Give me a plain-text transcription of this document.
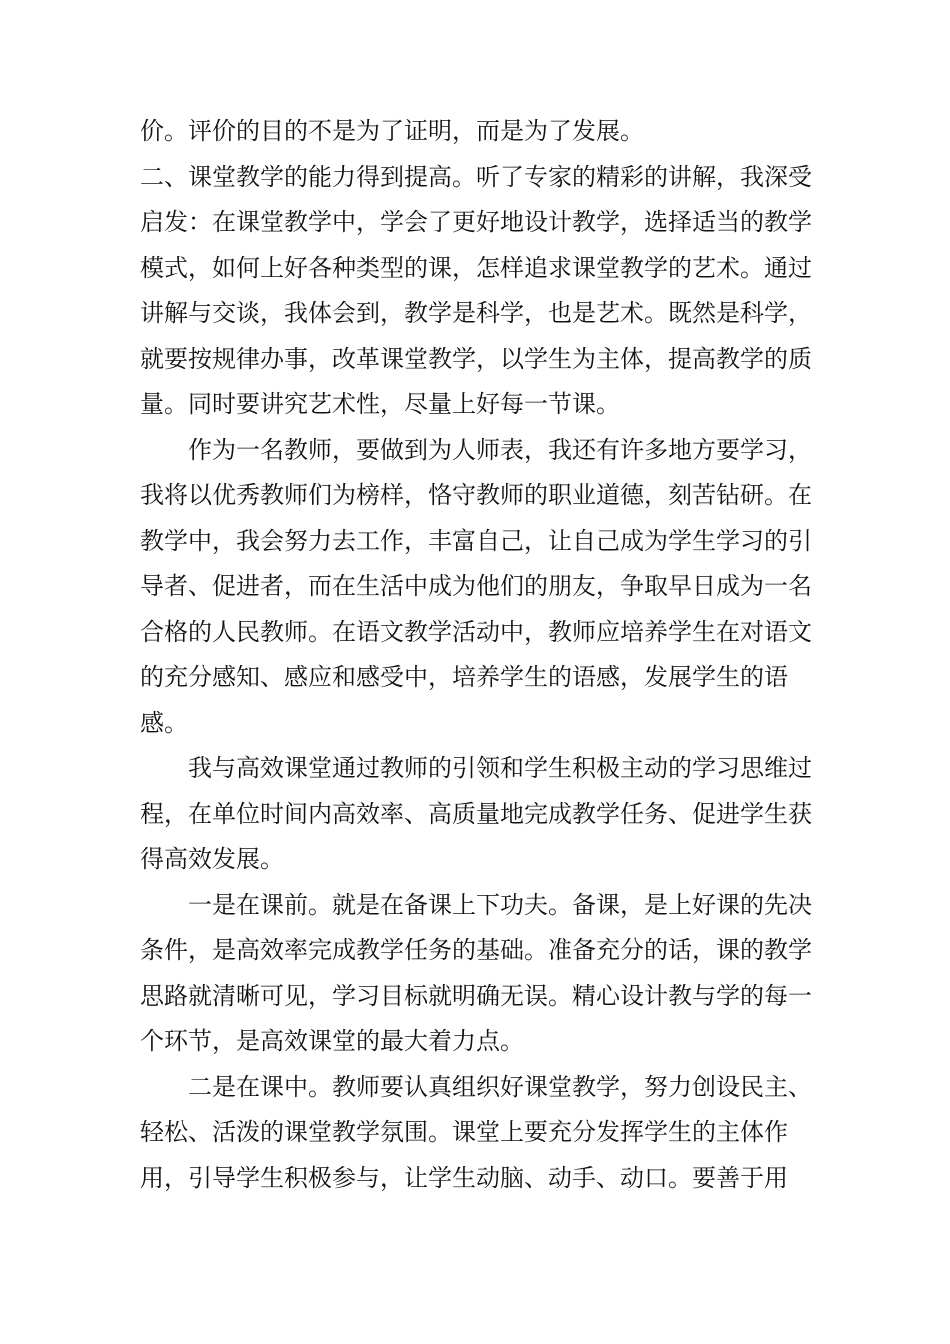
价。评价的目的不是为了证明，而是为了发展。

二、课堂教学的能力得到提高。听了专家的精彩的讲解，我深受启发：在课堂教学中，学会了更好地设计教学，选择适当的教学模式，如何上好各种类型的课，怎样追求课堂教学的艺术。通过讲解与交谈，我体会到，教学是科学，也是艺术。既然是科学，就要按规律办事，改革课堂教学，以学生为主体，提高教学的质量。同时要讲究艺术性，尽量上好每一节课。

作为一名教师，要做到为人师表，我还有许多地方要学习，我将以优秀教师们为榜样，恪守教师的职业道德，刻苦钻研。在教学中，我会努力去工作，丰富自己，让自己成为学生学习的引导者、促进者，而在生活中成为他们的朋友，争取早日成为一名合格的人民教师。在语文教学活动中，教师应培养学生在对语文的充分感知、感应和感受中，培养学生的语感，发展学生的语感。

我与高效课堂通过教师的引领和学生积极主动的学习思维过程，在单位时间内高效率、高质量地完成教学任务、促进学生获得高效发展。

一是在课前。就是在备课上下功夫。备课，是上好课的先决条件，是高效率完成教学任务的基础。准备充分的话，课的教学思路就清晰可见，学习目标就明确无误。精心设计教与学的每一个环节，是高效课堂的最大着力点。

二是在课中。教师要认真组织好课堂教学，努力创设民主、轻松、活泼的课堂教学氛围。课堂上要充分发挥学生的主体作用，引导学生积极参与，让学生动脑、动手、动口。要善于用
